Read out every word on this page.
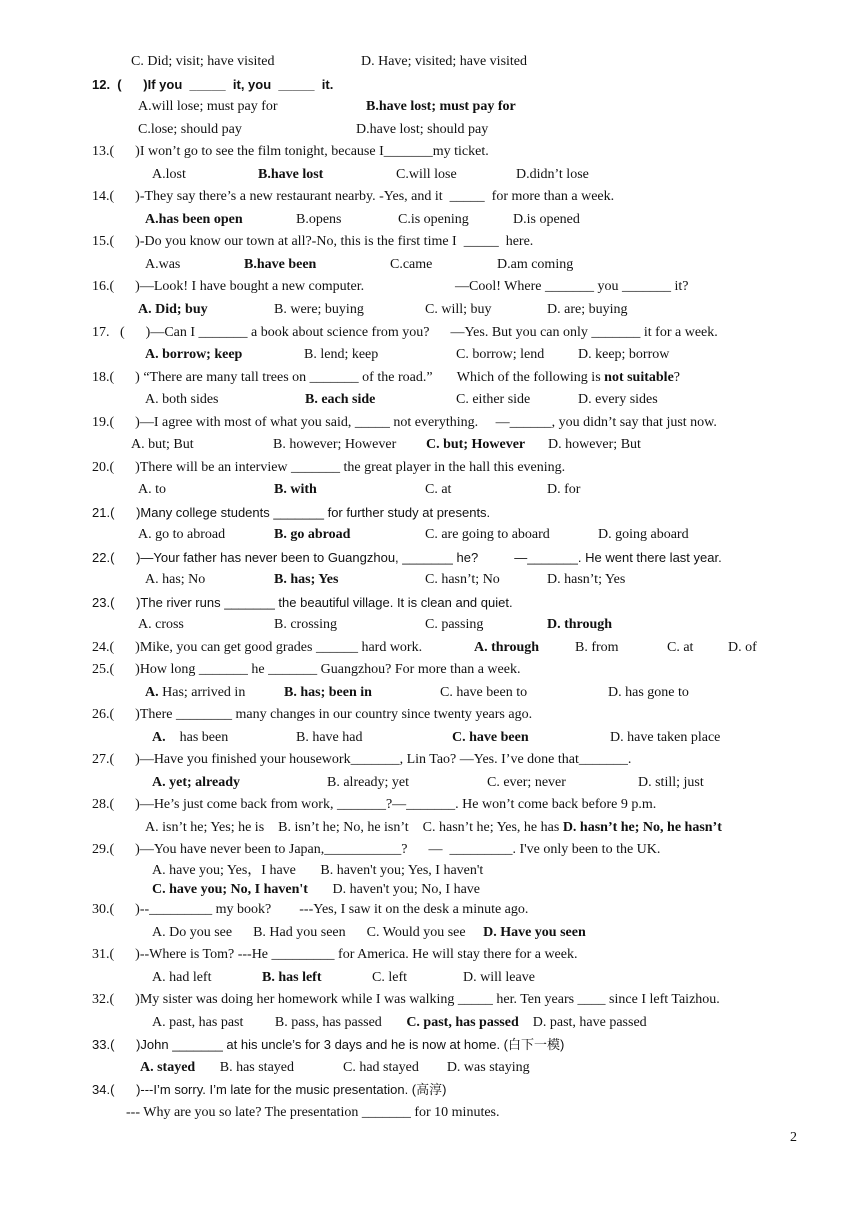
C. Did; visit; have visited	D. Have; visited; have visited
12.  (      )If you  _____  it, you  _____  it.
A.will lose; must pay for	B.have lost; must pay for
C.lose; should pay	D.have lost; should pay
13.(      )I won’t go to see the film tonight, because I_______my ticket.
A.lost	B.have lost	C.will lose	D.didn’t lose
14.(      )-They say there’s a new restaurant nearby. -Yes, and it  _____  for more than a week.
A.has been open	B.opens	C.is opening	D.is opened
15.(      )-Do you know our town at all?-No, this is the first time I  _____  here.
A.was	B.have been	C.came	D.am coming
16.(      )—Look! I have bought a new computer.	—Cool! Where _______ you _______ it?
A. Did; buy	B. were; buying	C. will; buy	D. are; buying
17.   (      )—Can I _______ a book about science from you?      —Yes. But you can only _______ it for a week.
A. borrow; keep	B. lend; keep	C. borrow; lend D. keep; borrow
18.(      ) “There are many tall trees on _______ of the road.”       Which of the following is not suitable?
A. both sides	B. each side	C. either side	D. every sides
19.(      )—I agree with most of what you said, _____ not everything.     —______, you didn’t say that just now.
A. but; But	B. however; However C. but; However D. however; But
20.(      )There will be an interview _______ the great player in the hall this evening.
A. to	B. with	C. at	D. for
21.(      )Many college students _______ for further study at presents.
A. go to abroad	B. go abroad	C. are going to aboard	D. going aboard
22.(      )—Your father has never been to Guangzhou, _______ he?          —_______. He went there last year.
A. has; No	B. has; Yes	C. hasn’t; No	D. hasn’t; Yes
23.(      )The river runs _______ the beautiful village. It is clean and quiet.
A. cross	B. crossing	C. passing	D. through
24.(      )Mike, you can get good grades ______ hard work.	A. through	B. from	C. at D. of
25.(      )How long _______ he _______ Guangzhou? For more than a week.
A. Has; arrived in	B. has; been in	C. have been to	D. has gone to
26.(      )There ________ many changes in our country since twenty years ago.
A.    has been	B. have had	C. have been	D. have taken place
27.(      )—Have you finished your housework_______, Lin Tao? —Yes. I’ve done that_______.
A. yet; already	B. already; yet	C. ever; never	D. still; just
28.(      )—He’s just come back from work, _______?—_______. He won’t come back before 9 p.m.
A. isn’t he; Yes; he is    B. isn’t he; No, he isn’t    C. hasn’t he; Yes, he has D. hasn’t he; No, he hasn’t
29.(      )—You have never been to Japan,___________?      —  _________. I've only been to the UK.
A. have you; Yes，I have       B. haven't you; Yes, I haven't
C. have you; No, I haven't       D. haven't you; No, I have
30.(      )--_________ my book?        ---Yes, I saw it on the desk a minute ago.
A. Do you see      B. Had you seen      C. Would you see     D. Have you seen
31.(      )--Where is Tom? ---He _________ for America. He will stay there for a week.
A. had left	B. has left	C. left	D. will leave
32.(      )My sister was doing her homework while I was walking _____ her. Ten years ____ since I left Taizhou.
A. past, has past         B. pass, has passed       C. past, has passed    D. past, have passed
33.(      )John _______ at his uncle’s for 3 days and he is now at home. (白下一模)
A. stayed       B. has stayed              C. had stayed        D. was staying
34.(      )---I’m sorry. I’m late for the music presentation. (高淳)
--- Why are you so late? The presentation _______ for 10 minutes.
2
